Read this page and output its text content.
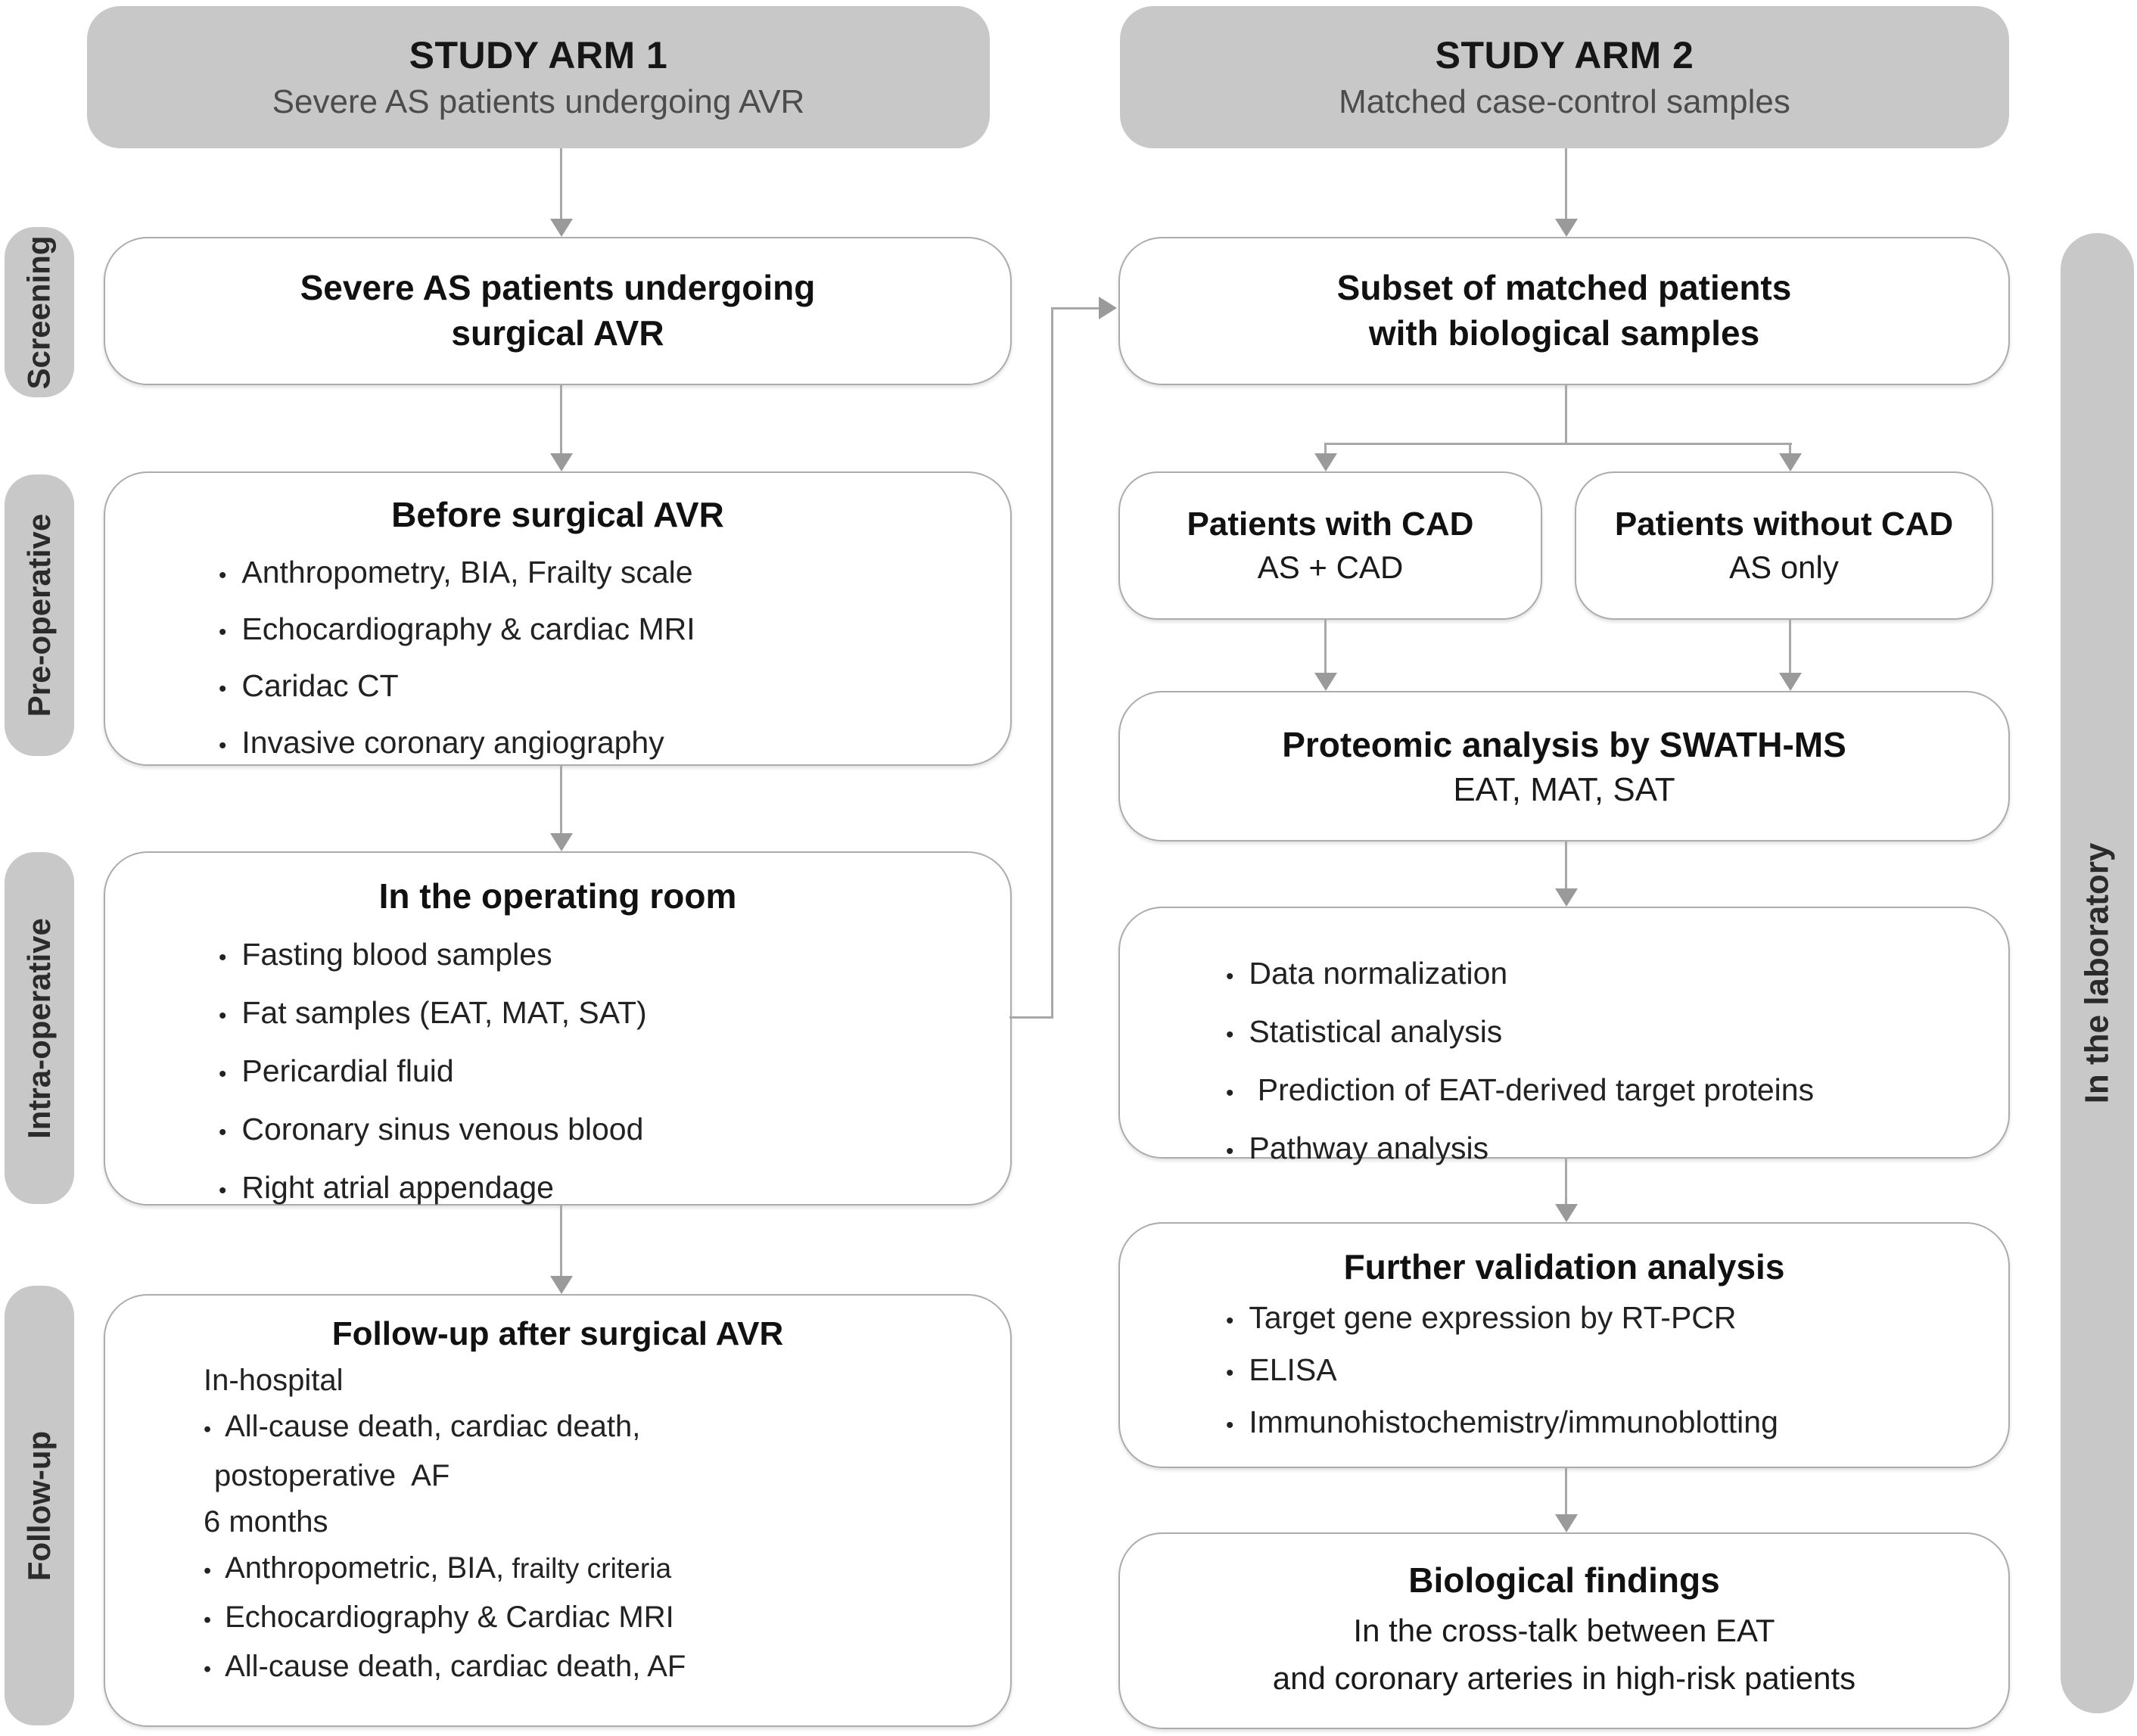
STUDY ARM 1
Severe AS patients undergoing AVR
STUDY ARM 2
Matched case-control samples
Screening
Pre-operative
Intra-operative
Follow-up
In the laboratory
Severe AS patients undergoing
surgical AVR
Before surgical AVR
• Anthropometry, BIA, Frailty scale
• Echocardiography & cardiac MRI
• Caridac CT
• Invasive coronary angiography
In the operating room
• Fasting blood samples
• Fat samples (EAT, MAT, SAT)
• Pericardial fluid
• Coronary sinus venous blood
• Right atrial appendage
Follow-up after surgical AVR
In-hospital
• All-cause death, cardiac death,
postoperative  AF
6 months
• Anthropometric, BIA, frailty criteria
• Echocardiography & Cardiac MRI
• All-cause death, cardiac death, AF
Subset of matched patients
with biological samples
Patients with CAD
AS + CAD
Patients without CAD
AS only
Proteomic analysis by SWATH-MS
EAT, MAT, SAT
• Data normalization
• Statistical analysis
• Prediction of EAT-derived target proteins
• Pathway analysis
Further validation analysis
• Target gene expression by RT-PCR
• ELISA
• Immunohistochemistry/immunoblotting
Biological findings
In the cross-talk between EAT
and coronary arteries in high-risk patients
